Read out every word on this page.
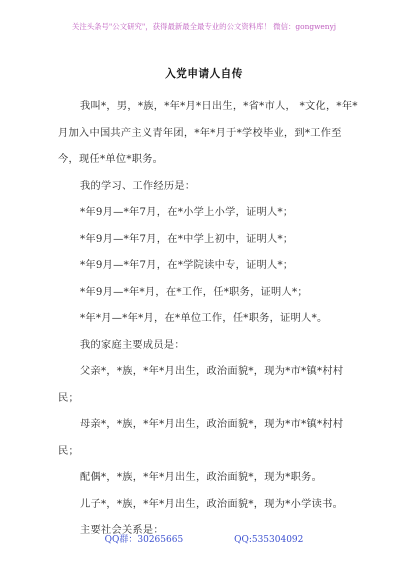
关注头条号"公文研究"，获得最新最全最专业的公文资料库！ 微信：gongwenyj
入党申请人自传

我叫*，男，*族，*年*月*日出生，*省*市人， *文化，*年*月加入中国共产主义青年团，*年*月于*学校毕业，到*工作至今，现任*单位*职务。

我的学习、工作经历是：

*年9月—*年7月，在*小学上小学，证明人*；

*年9月—*年7月，在*中学上初中，证明人*；

*年9月—*年7月，在*学院读中专，证明人*；

*年9月—*年*月，在*工作，任*职务，证明人*；

*年*月—*年*月，在*单位工作，任*职务，证明人*。

我的家庭主要成员是：

父亲*，*族，*年*月出生，政治面貌*，现为*市*镇*村村民；

母亲*，*族，*年*月出生，政治面貌*，现为*市*镇*村村民；

配偶*，*族，*年*月出生，政治面貌*，现为*职务。

儿子*，*族，*年*月出生，政治面貌*，现为*小学读书。

主要社会关系是：

QQ群：30265665	QQ:535304092
